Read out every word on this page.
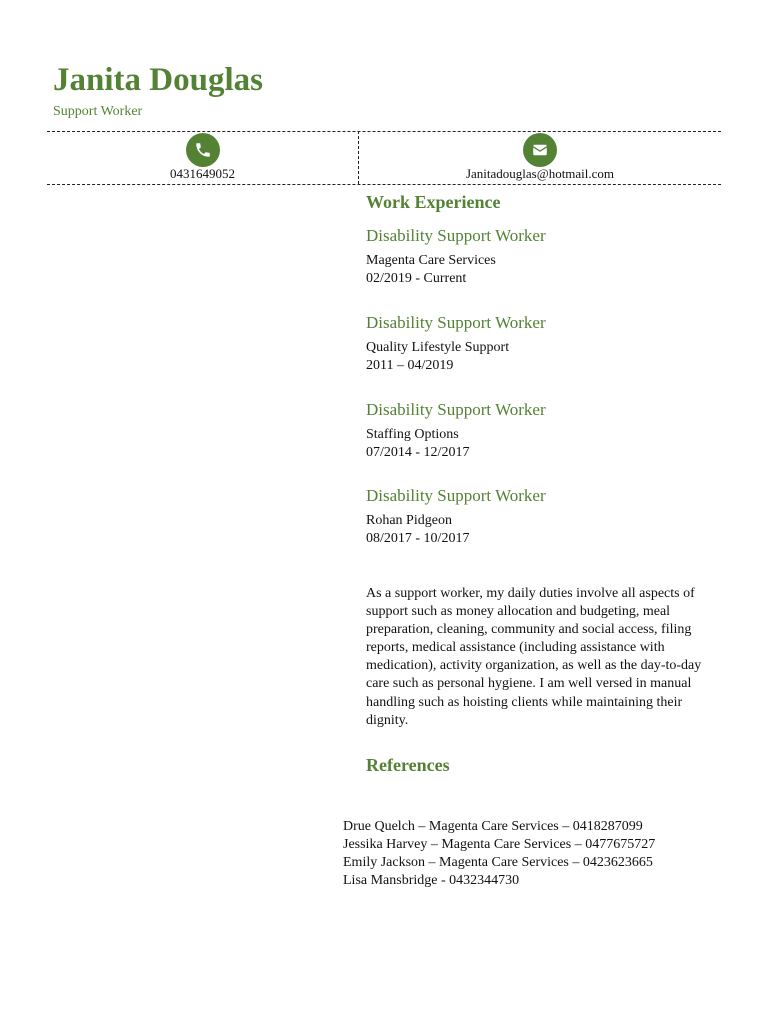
Janita Douglas
Support Worker
0431649052	Janitadouglas@hotmail.com
Work Experience
Disability Support Worker
Magenta Care Services
02/2019 - Current
Disability Support Worker
Quality Lifestyle Support
2011 – 04/2019
Disability Support Worker
Staffing Options
07/2014 - 12/2017
Disability Support Worker
Rohan Pidgeon
08/2017 - 10/2017
As a support worker, my daily duties involve all aspects of support such as money allocation and budgeting, meal preparation, cleaning, community and social access, filing reports, medical assistance (including assistance with medication), activity organization, as well as the day-to-day care such as personal hygiene. I am well versed in manual handling such as hoisting clients while maintaining their dignity.
References
Drue Quelch – Magenta Care Services – 0418287099
Jessika Harvey – Magenta Care Services – 0477675727
Emily Jackson – Magenta Care Services – 0423623665
Lisa Mansbridge - 0432344730
